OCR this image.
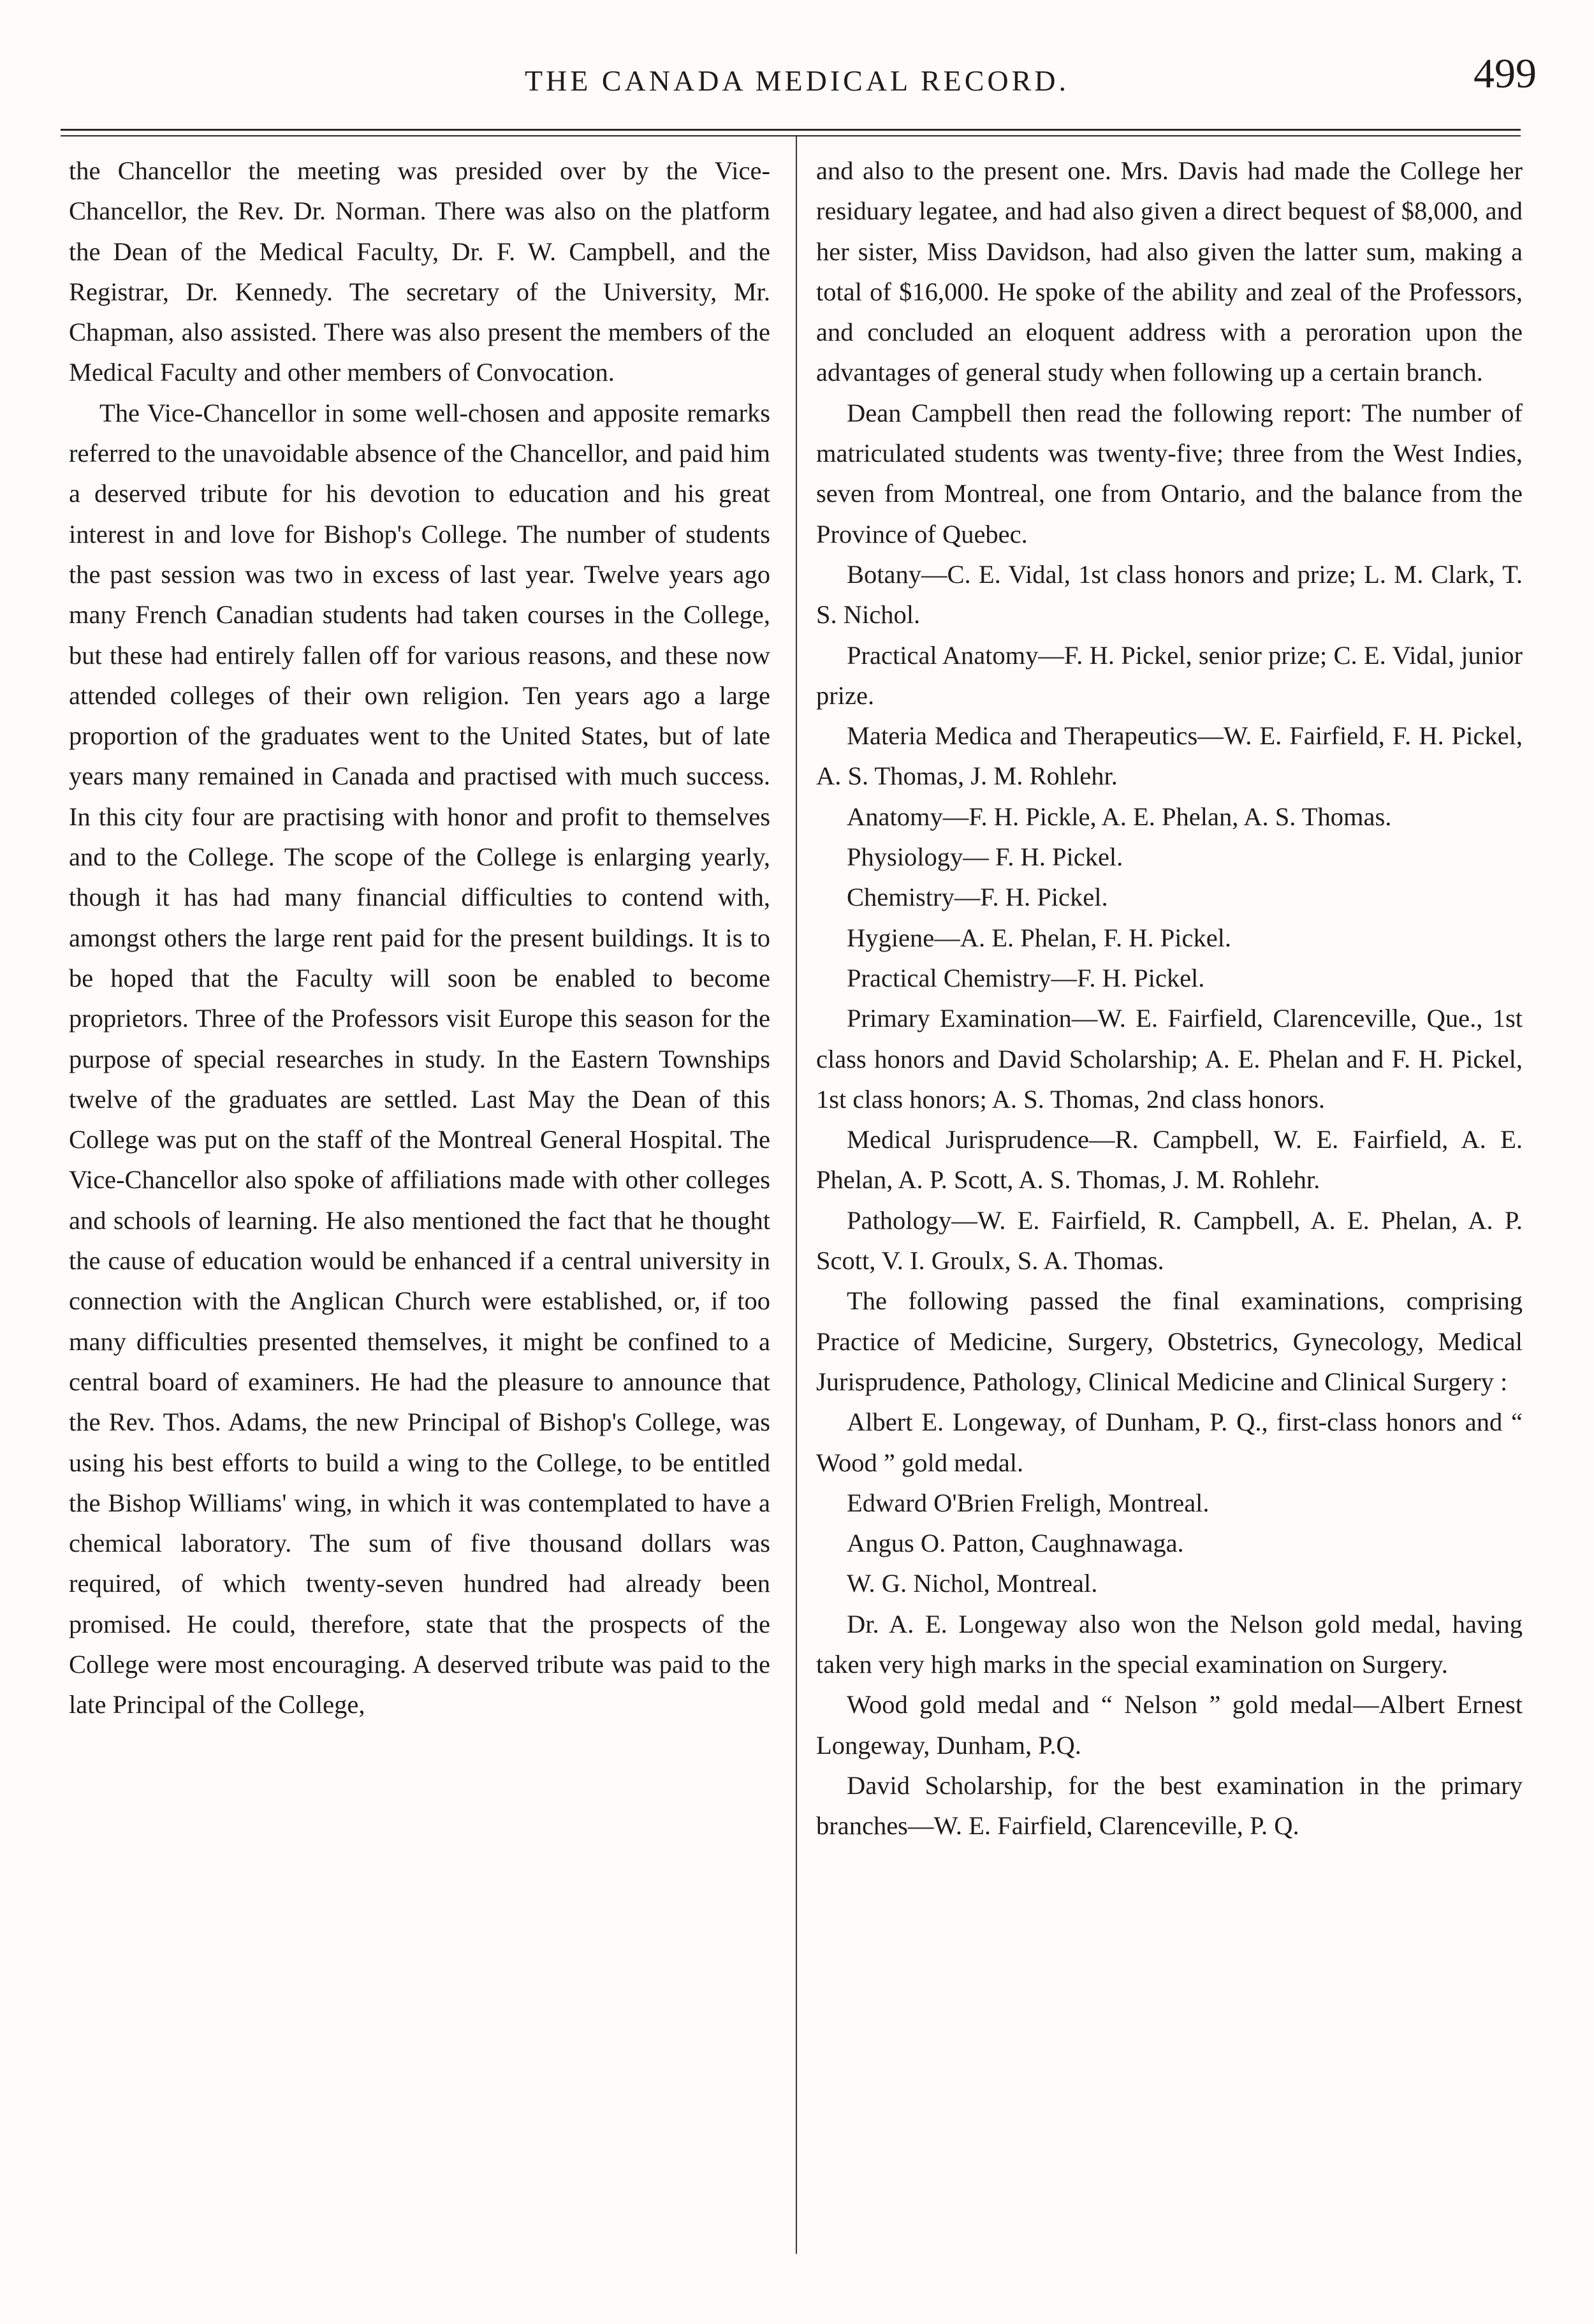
THE CANADA MEDICAL RECORD.	499

the Chancellor the meeting was presided over by the Vice-Chancellor, the Rev. Dr. Norman. There was also on the platform the Dean of the Medical Faculty, Dr. F. W. Campbell, and the Registrar, Dr. Kennedy. The secretary of the University, Mr. Chapman, also assisted. There was also present the members of the Medical Faculty and other members of Convocation.

The Vice-Chancellor in some well-chosen and apposite remarks referred to the unavoidable absence of the Chancellor, and paid him a deserved tribute for his devotion to education and his great interest in and love for Bishop's College. The number of students the past session was two in excess of last year. Twelve years ago many French Canadian students had taken courses in the College, but these had entirely fallen off for various reasons, and these now attended colleges of their own religion. Ten years ago a large proportion of the graduates went to the United States, but of late years many remained in Canada and practised with much success. In this city four are practising with honor and profit to themselves and to the College. The scope of the College is enlarging yearly, though it has had many financial difficulties to contend with, amongst others the large rent paid for the present buildings. It is to be hoped that the Faculty will soon be enabled to become proprietors. Three of the Professors visit Europe this season for the purpose of special researches in study. In the Eastern Townships twelve of the graduates are settled. Last May the Dean of this College was put on the staff of the Montreal General Hospital. The Vice-Chancellor also spoke of affiliations made with other colleges and schools of learning. He also mentioned the fact that he thought the cause of education would be enhanced if a central university in connection with the Anglican Church were established, or, if too many difficulties presented themselves, it might be confined to a central board of examiners. He had the pleasure to announce that the Rev. Thos. Adams, the new Principal of Bishop's College, was using his best efforts to build a wing to the College, to be entitled the Bishop Williams' wing, in which it was contemplated to have a chemical laboratory. The sum of five thousand dollars was required, of which twenty-seven hundred had already been promised. He could, therefore, state that the prospects of the College were most encouraging. A deserved tribute was paid to the late Principal of the College,

and also to the present one. Mrs. Davis had made the College her residuary legatee, and had also given a direct bequest of $8,000, and her sister, Miss Davidson, had also given the latter sum, making a total of $16,000. He spoke of the ability and zeal of the Professors, and concluded an eloquent address with a peroration upon the advantages of general study when following up a certain branch.

Dean Campbell then read the following report: The number of matriculated students was twenty-five; three from the West Indies, seven from Montreal, one from Ontario, and the balance from the Province of Quebec.

Botany—C. E. Vidal, 1st class honors and prize; L. M. Clark, T. S. Nichol.

Practical Anatomy—F. H. Pickel, senior prize; C. E. Vidal, junior prize.

Materia Medica and Therapeutics—W. E. Fairfield, F. H. Pickel, A. S. Thomas, J. M. Rohlehr.

Anatomy—F. H. Pickle, A. E. Phelan, A. S. Thomas.

Physiology— F. H. Pickel.

Chemistry—F. H. Pickel.

Hygiene—A. E. Phelan, F. H. Pickel.

Practical Chemistry—F. H. Pickel.

Primary Examination—W. E. Fairfield, Clarenceville, Que., 1st class honors and David Scholarship; A. E. Phelan and F. H. Pickel, 1st class honors; A. S. Thomas, 2nd class honors.

Medical Jurisprudence—R. Campbell, W. E. Fairfield, A. E. Phelan, A. P. Scott, A. S. Thomas, J. M. Rohlehr.

Pathology—W. E. Fairfield, R. Campbell, A. E. Phelan, A. P. Scott, V. I. Groulx, S. A. Thomas.

The following passed the final examinations, comprising Practice of Medicine, Surgery, Obstetrics, Gynecology, Medical Jurisprudence, Pathology, Clinical Medicine and Clinical Surgery :

Albert E. Longeway, of Dunham, P. Q., first-class honors and “ Wood ” gold medal.

Edward O'Brien Freligh, Montreal.

Angus O. Patton, Caughnawaga.

W. G. Nichol, Montreal.

Dr. A. E. Longeway also won the Nelson gold medal, having taken very high marks in the special examination on Surgery.

Wood gold medal and “ Nelson ” gold medal—Albert Ernest Longeway, Dunham, P.Q.

David Scholarship, for the best examination in the primary branches—W. E. Fairfield, Clarenceville, P. Q.
